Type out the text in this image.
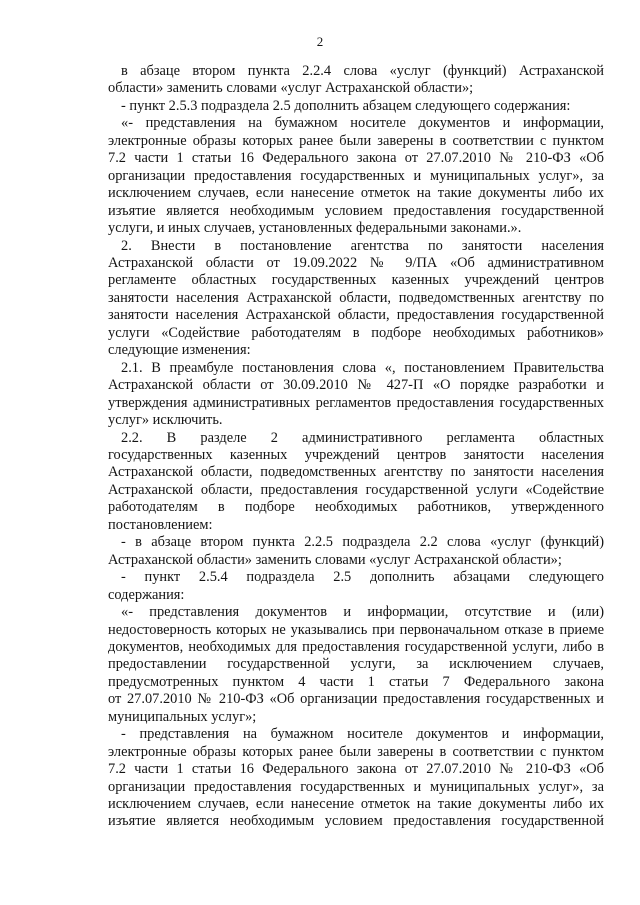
2

в абзаце втором пункта 2.2.4 слова «услуг (функций) Астраханской

области» заменить словами «услуг Астраханской области»;

- пункт 2.5.3 подраздела 2.5 дополнить абзацем следующего содержания:

«- представления на бумажном носителе документов и информации,

электронные образы которых ранее были заверены в соответствии с пунктом

7.2 части 1 статьи 16 Федерального закона от 27.07.2010 № 210-ФЗ «Об

организации предоставления государственных и муниципальных услуг», за

исключением случаев, если нанесение отметок на такие документы либо их

изъятие является необходимым условием предоставления государственной

услуги, и иных случаев, установленных федеральными законами.».

2. Внести в постановление агентства по занятости населения

Астраханской области от 19.09.2022 № 9/ПА «Об административном

регламенте областных государственных казенных учреждений центров

занятости населения Астраханской области, подведомственных агентству по

занятости населения Астраханской области, предоставления государственной

услуги «Содействие работодателям в подборе необходимых работников»

следующие изменения:

2.1. В преамбуле постановления слова «, постановлением Правительства

Астраханской области от 30.09.2010 № 427-П «О порядке разработки и

утверждения административных регламентов предоставления государственных

услуг» исключить.

2.2. В разделе 2 административного регламента областных

государственных казенных учреждений центров занятости населения

Астраханской области, подведомственных агентству по занятости населения

Астраханской области, предоставления государственной услуги «Содействие

работодателям в подборе необходимых работников, утвержденного

постановлением:

- в абзаце втором пункта 2.2.5 подраздела 2.2 слова «услуг (функций)

Астраханской области» заменить словами «услуг Астраханской области»;

- пункт 2.5.4 подраздела 2.5 дополнить абзацами следующего

содержания:

«- представления документов и информации, отсутствие и (или)

недостоверность которых не указывались при первоначальном отказе в приеме

документов, необходимых для предоставления государственной услуги, либо в

предоставлении государственной услуги, за исключением случаев,

предусмотренных пунктом 4 части 1 статьи 7 Федерального закона

от 27.07.2010 № 210-ФЗ «Об организации предоставления государственных и

муниципальных услуг»;

- представления на бумажном носителе документов и информации,

электронные образы которых ранее были заверены в соответствии с пунктом

7.2 части 1 статьи 16 Федерального закона от 27.07.2010 № 210-ФЗ «Об

организации предоставления государственных и муниципальных услуг», за

исключением случаев, если нанесение отметок на такие документы либо их

изъятие является необходимым условием предоставления государственной
